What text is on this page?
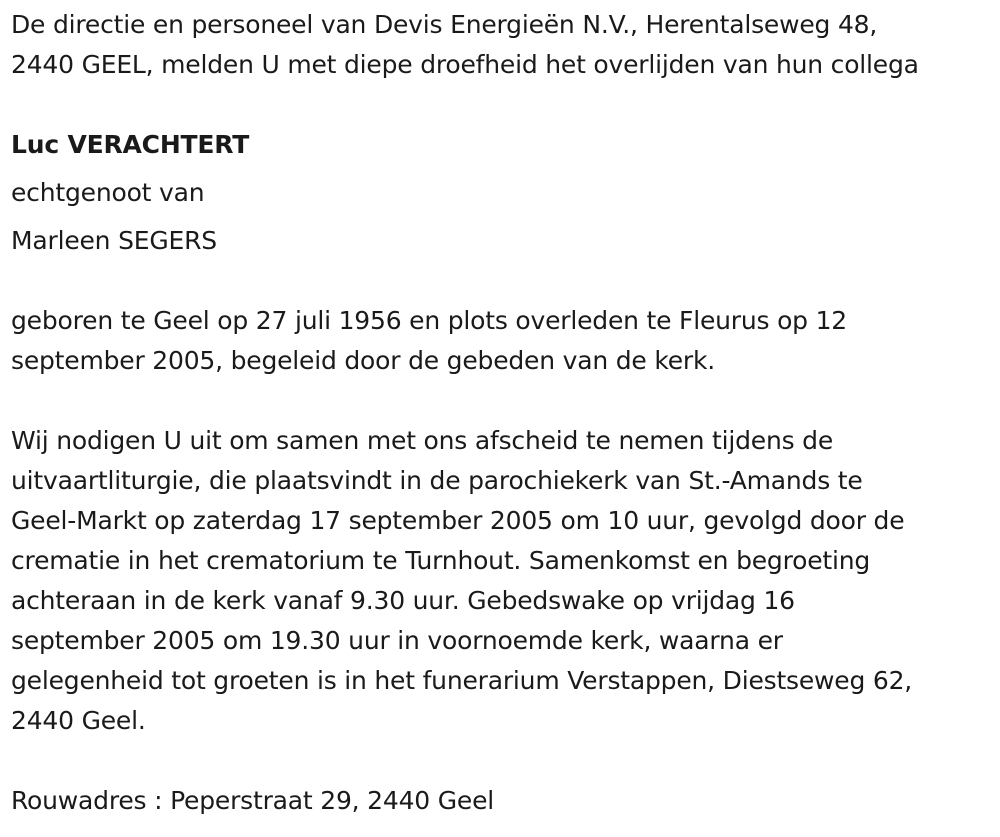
De directie en personeel van Devis Energieën N.V., Herentalseweg 48,
2440 GEEL, melden U met diepe droefheid het overlijden van hun collega
Luc VERACHTERT
echtgenoot van
Marleen SEGERS
geboren te Geel op 27 juli 1956 en plots overleden te Fleurus op 12
september 2005, begeleid door de gebeden van de kerk.
Wij nodigen U uit om samen met ons afscheid te nemen tijdens de
uitvaartliturgie, die plaatsvindt in de parochiekerk van St.-Amands te
Geel-Markt op zaterdag 17 september 2005 om 10 uur, gevolgd door de
crematie in het crematorium te Turnhout. Samenkomst en begroeting
achteraan in de kerk vanaf 9.30 uur. Gebedswake op vrijdag 16
september 2005 om 19.30 uur in voornoemde kerk, waarna er
gelegenheid tot groeten is in het funerarium Verstappen, Diestseweg 62,
2440 Geel.
Rouwadres : Peperstraat 29, 2440 Geel
